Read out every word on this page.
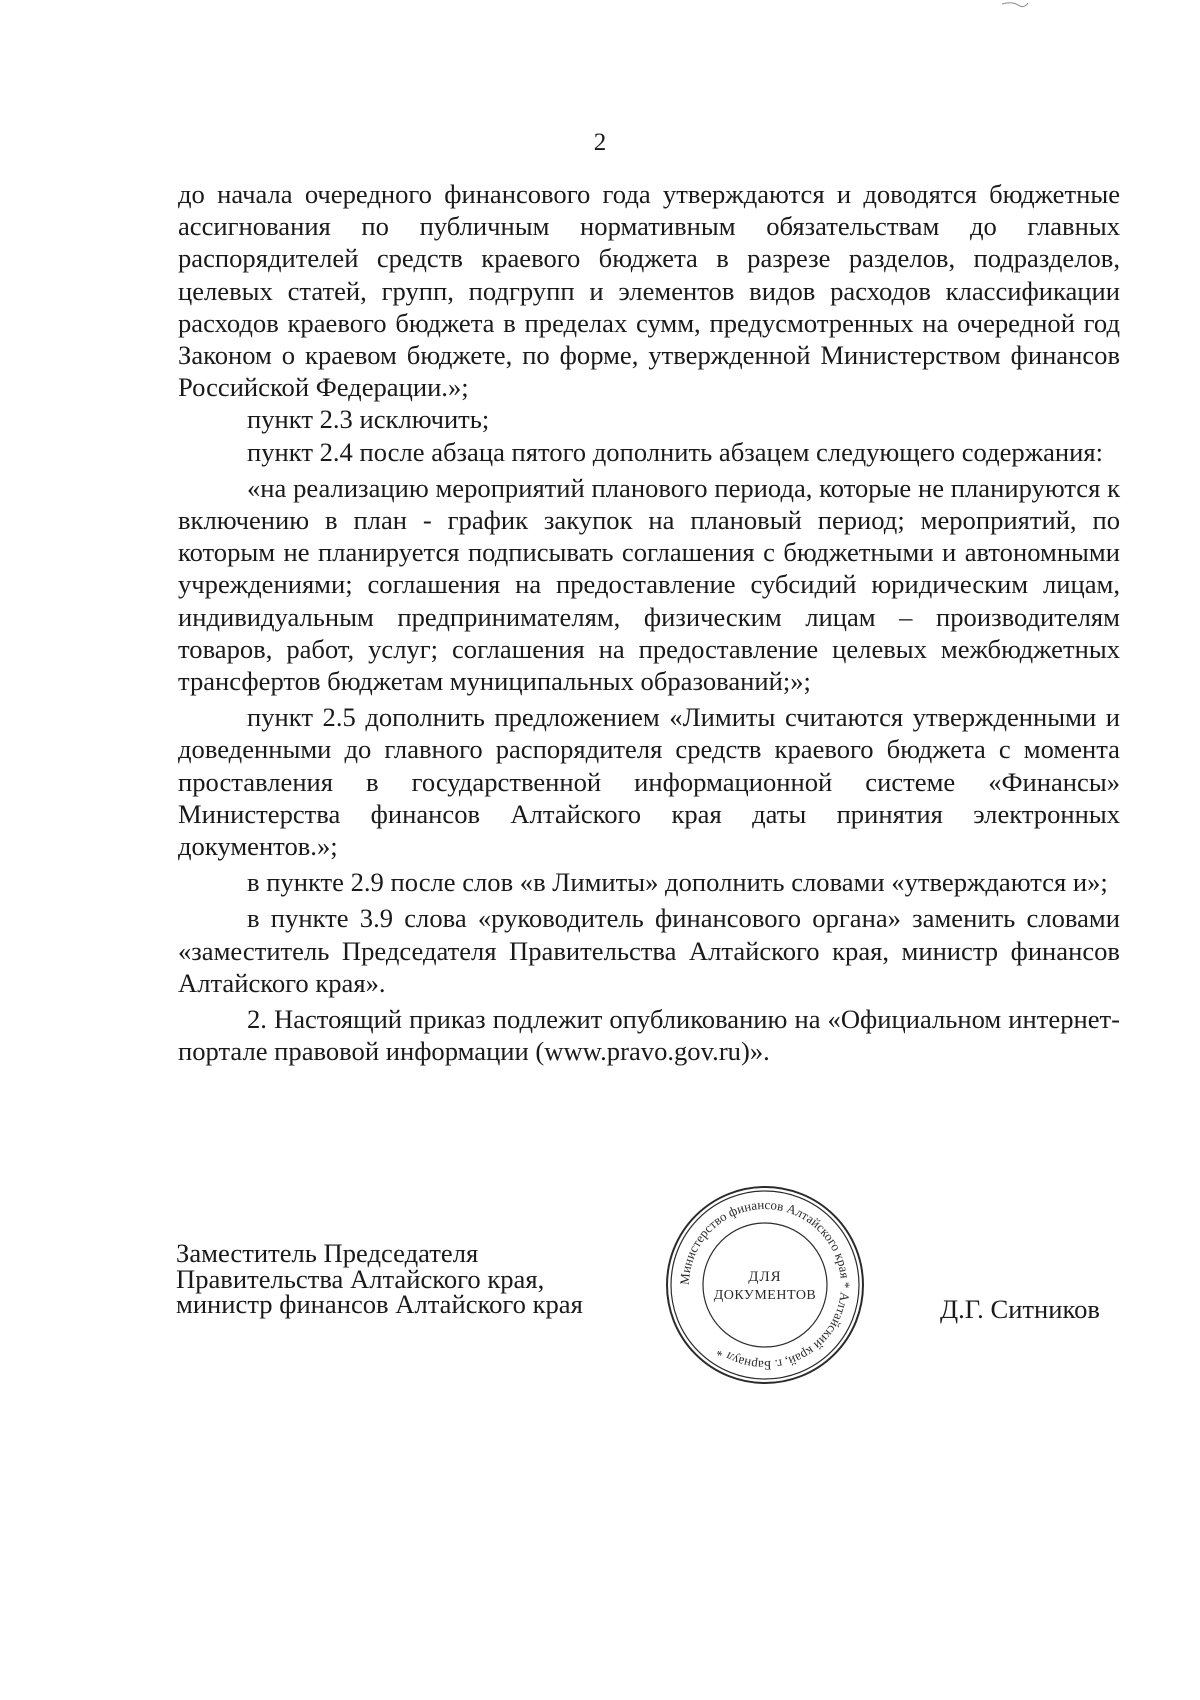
2

до начала очередного финансового года утверждаются и доводятся бюджетные ассигнования по публичным нормативным обязательствам до главных распорядителей средств краевого бюджета в разрезе разделов, подразделов, целевых статей, групп, подгрупп и элементов видов расходов классификации расходов краевого бюджета в пределах сумм, предусмотренных на очередной год Законом о краевом бюджете, по форме, утвержденной Министерством финансов Российской Федерации.»;

пункт 2.3 исключить;

пункт 2.4 после абзаца пятого дополнить абзацем следующего содержания:

«на реализацию мероприятий планового периода, которые не планируются к включению в план - график закупок на плановый период; мероприятий, по которым не планируется подписывать соглашения с бюджетными и автономными учреждениями; соглашения на предоставление субсидий юридическим лицам, индивидуальным предпринимателям, физическим лицам – производителям товаров, работ, услуг; соглашения на предоставление целевых межбюджетных трансфертов бюджетам муниципальных образований;»;

пункт 2.5 дополнить предложением «Лимиты считаются утвержденными и доведенными до главного распорядителя средств краевого бюджета с момента проставления в государственной информационной системе «Финансы» Министерства финансов Алтайского края даты принятия электронных документов.»;

в пункте 2.9 после слов «в Лимиты» дополнить словами «утверждаются и»;

в пункте 3.9 слова «руководитель финансового органа» заменить словами «заместитель Председателя Правительства Алтайского края, министр финансов Алтайского края».

2. Настоящий приказ подлежит опубликованию на «Официальном интернет-портале правовой информации (www.pravo.gov.ru)».

Заместитель Председателя
Правительства Алтайского края,
министр финансов Алтайского края
Министерство финансов Алтайского края * Алтайский край, г. Барнаул *
ДЛЯ
ДОКУМЕНТОВ	Д.Г. Ситников
